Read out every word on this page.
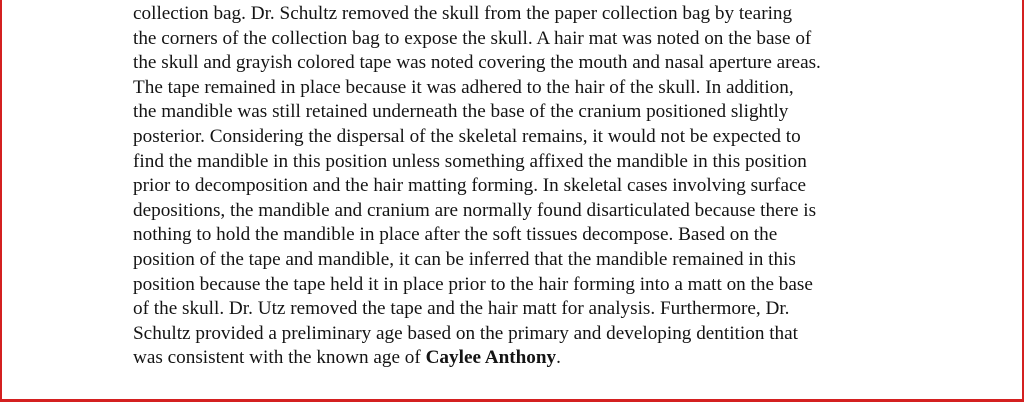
collection bag. Dr. Schultz removed the skull from the paper collection bag by tearing
the corners of the collection bag to expose the skull. A hair mat was noted on the base of
the skull and grayish colored tape was noted covering the mouth and nasal aperture areas.
The tape remained in place because it was adhered to the hair of the skull. In addition,
the mandible was still retained underneath the base of the cranium positioned slightly
posterior. Considering the dispersal of the skeletal remains, it would not be expected to
find the mandible in this position unless something affixed the mandible in this position
prior to decomposition and the hair matting forming. In skeletal cases involving surface
depositions, the mandible and cranium are normally found disarticulated because there is
nothing to hold the mandible in place after the soft tissues decompose. Based on the
position of the tape and mandible, it can be inferred that the mandible remained in this
position because the tape held it in place prior to the hair forming into a matt on the base
of the skull. Dr. Utz removed the tape and the hair matt for analysis. Furthermore, Dr.
Schultz provided a preliminary age based on the primary and developing dentition that
was consistent with the known age of Caylee Anthony.
